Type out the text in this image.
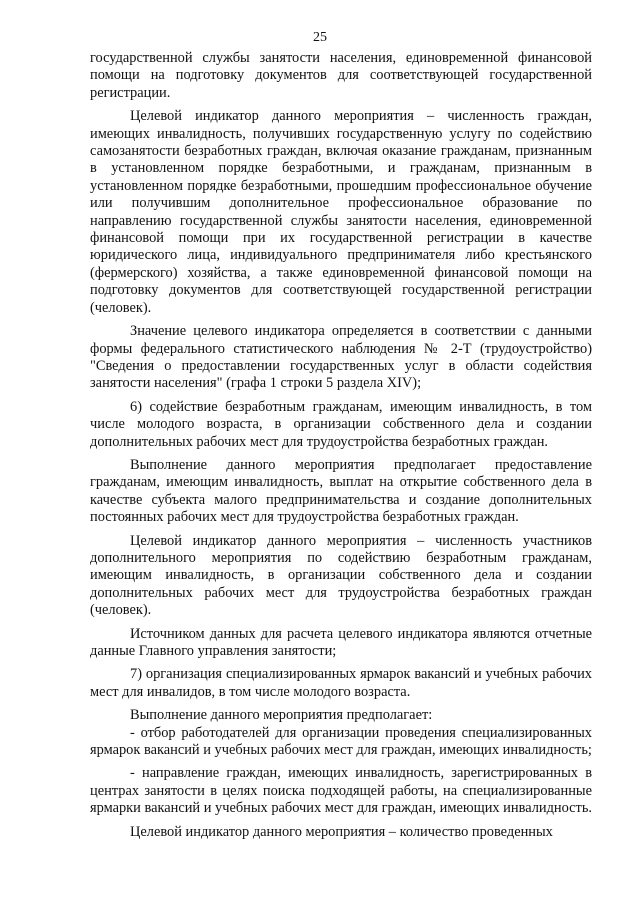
25

государственной службы занятости населения, единовременной финансовой помощи на подготовку документов для соответствующей государственной регистрации.

Целевой индикатор данного мероприятия – численность граждан, имеющих инвалидность, получивших государственную услугу по содействию самозанятости безработных граждан, включая оказание гражданам, признанным в установленном порядке безработными, и гражданам, признанным в установленном порядке безработными, прошедшим профессиональное обучение или получившим дополнительное профессиональное образование по направлению государственной службы занятости населения, единовременной финансовой помощи при их государственной регистрации в качестве юридического лица, индивидуального предпринимателя либо крестьянского (фермерского) хозяйства, а также единовременной финансовой помощи на подготовку документов для соответствующей государственной регистрации (человек).

Значение целевого индикатора определяется в соответствии с данными формы федерального статистического наблюдения № 2-Т (трудоустройство) "Сведения о предоставлении государственных услуг в области содействия занятости населения" (графа 1 строки 5 раздела XIV);

6) содействие безработным гражданам, имеющим инвалидность, в том числе молодого возраста, в организации собственного дела и создании дополнительных рабочих мест для трудоустройства безработных граждан.

Выполнение данного мероприятия предполагает предоставление гражданам, имеющим инвалидность, выплат на открытие собственного дела в качестве субъекта малого предпринимательства и создание дополнительных постоянных рабочих мест для трудоустройства безработных граждан.

Целевой индикатор данного мероприятия – численность участников дополнительного мероприятия по содействию безработным гражданам, имеющим инвалидность, в организации собственного дела и создании дополнительных рабочих мест для трудоустройства безработных граждан (человек).

Источником данных для расчета целевого индикатора являются отчетные данные Главного управления занятости;

7) организация специализированных ярмарок вакансий и учебных рабочих мест для инвалидов, в том числе молодого возраста.

Выполнение данного мероприятия предполагает:

- отбор работодателей для организации проведения специализированных ярмарок вакансий и учебных рабочих мест для граждан, имеющих инвалидность;

- направление граждан, имеющих инвалидность, зарегистрированных в центрах занятости в целях поиска подходящей работы, на специализированные ярмарки вакансий и учебных рабочих мест для граждан, имеющих инвалидность.

Целевой индикатор данного мероприятия – количество проведенных
